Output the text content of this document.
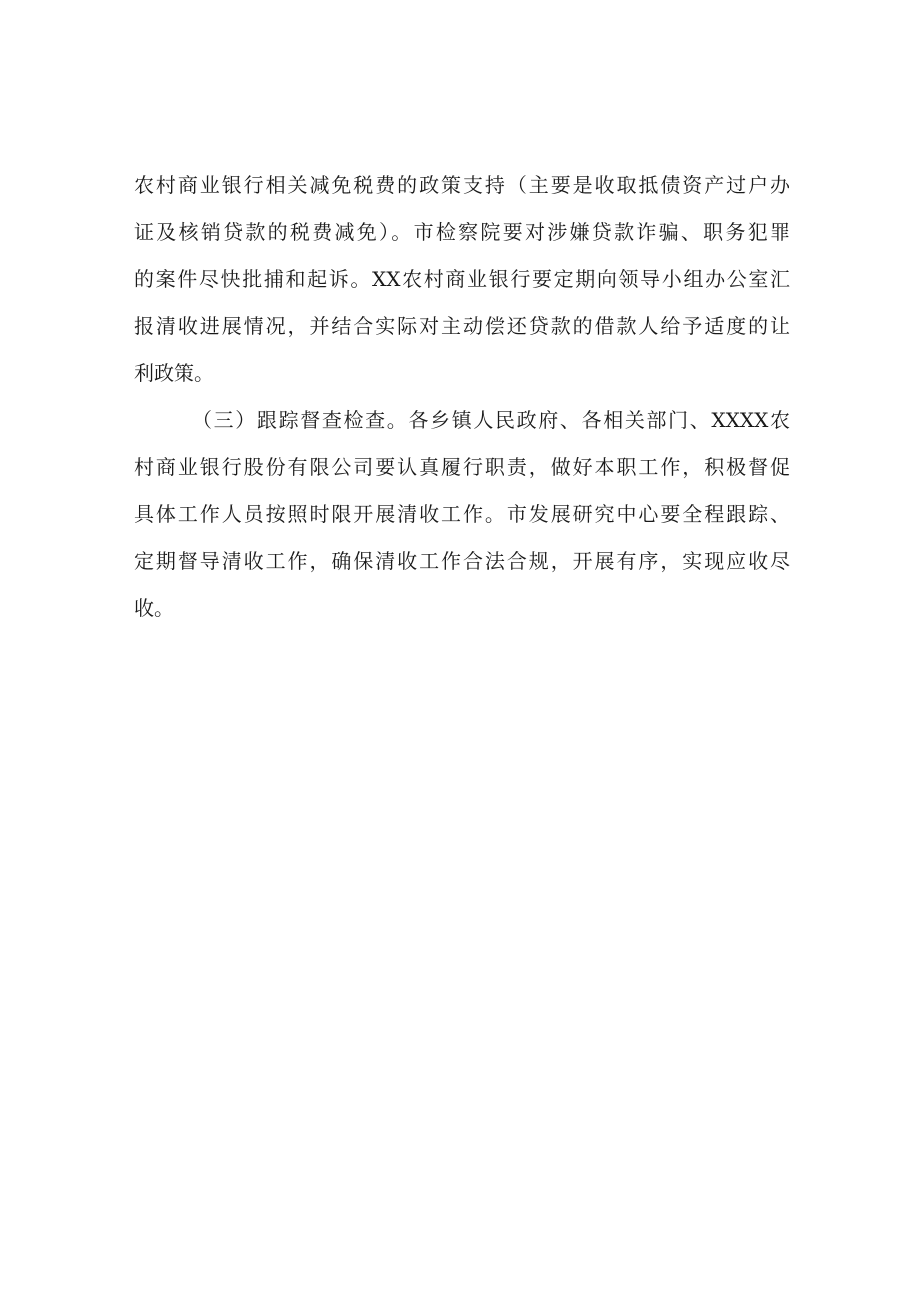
农村商业银行相关减免税费的政策支持（主要是收取抵债资产过户办
证及核销贷款的税费减免）。市检察院要对涉嫌贷款诈骗、职务犯罪
的案件尽快批捕和起诉。XX农村商业银行要定期向领导小组办公室汇
报清收进展情况，并结合实际对主动偿还贷款的借款人给予适度的让
利政策。
（三）跟踪督查检查。各乡镇人民政府、各相关部门、XXXX农
村商业银行股份有限公司要认真履行职责，做好本职工作，积极督促
具体工作人员按照时限开展清收工作。市发展研究中心要全程跟踪、
定期督导清收工作，确保清收工作合法合规，开展有序，实现应收尽
收。
